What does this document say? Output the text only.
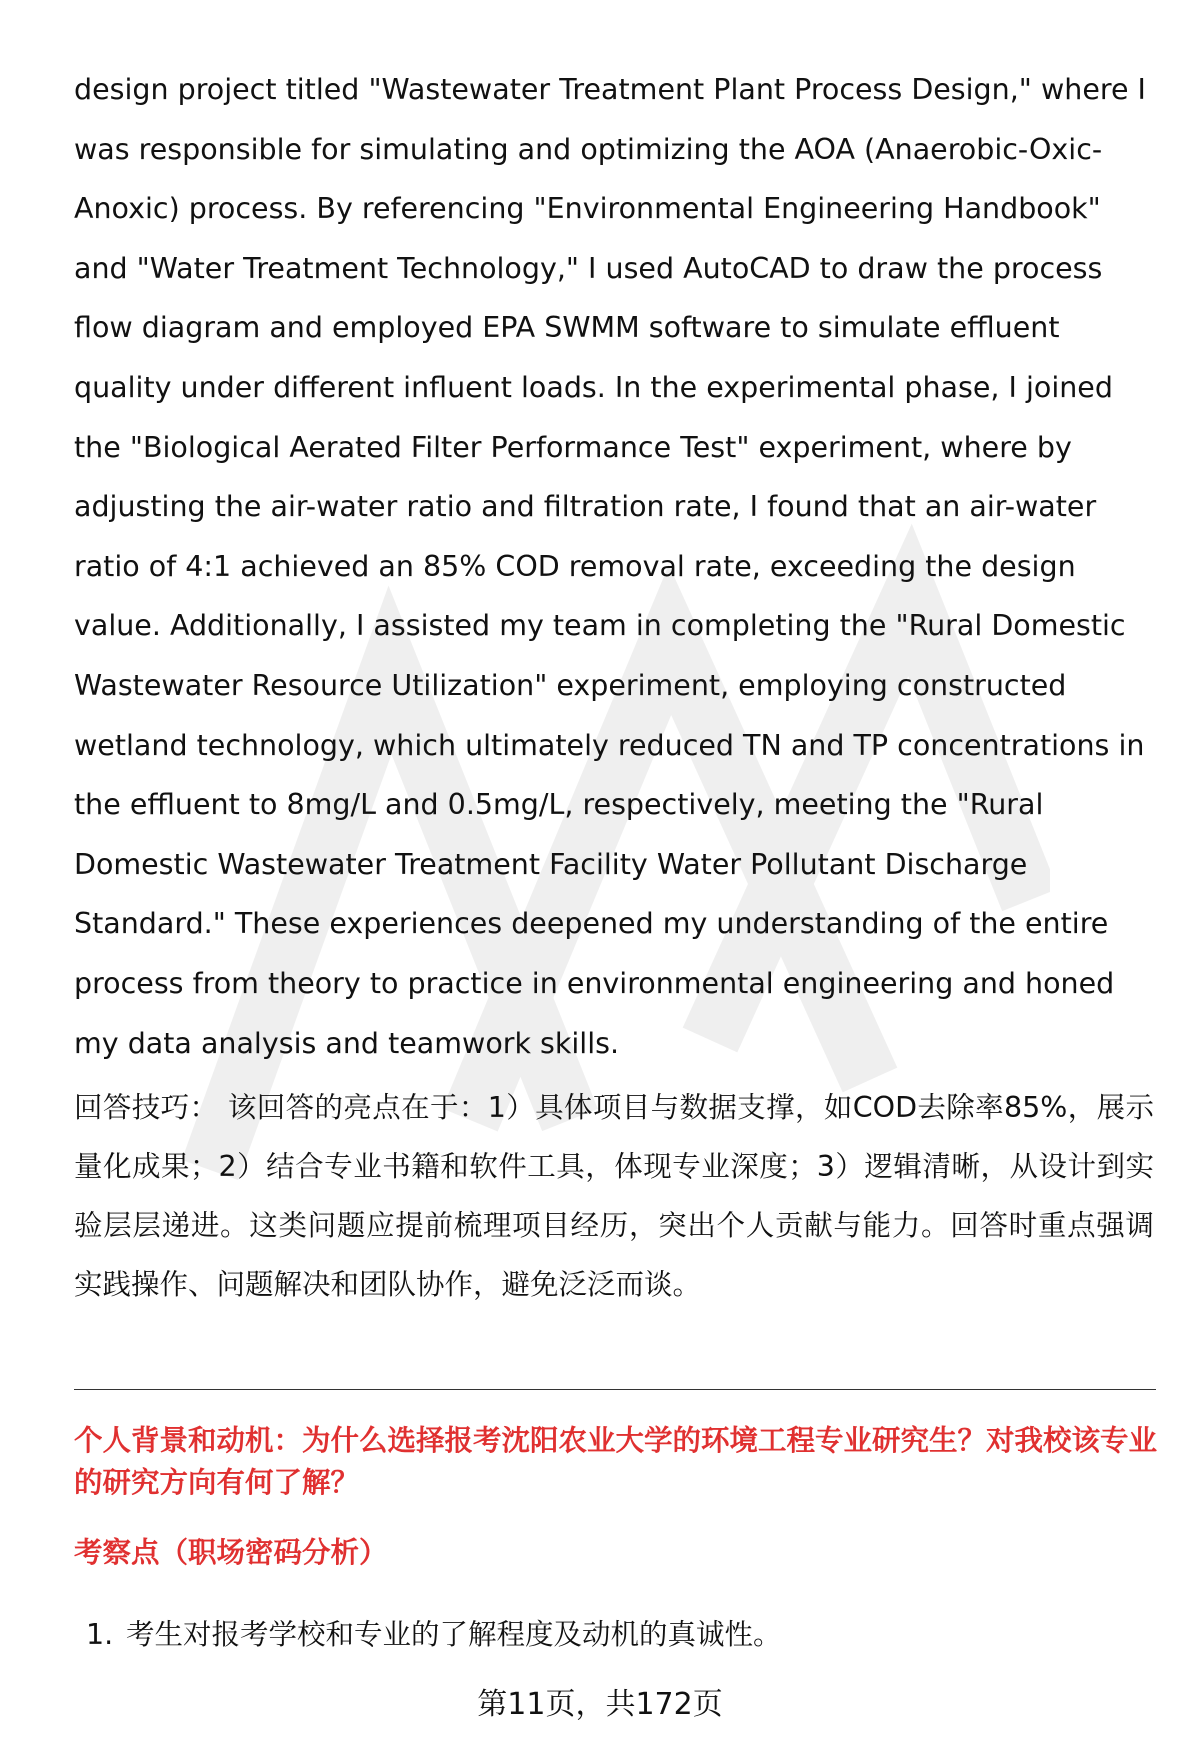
design project titled "Wastewater Treatment Plant Process Design," where I was responsible for simulating and optimizing the AOA (Anaerobic-Oxic-Anoxic) process. By referencing "Environmental Engineering Handbook" and "Water Treatment Technology," I used AutoCAD to draw the process flow diagram and employed EPA SWMM software to simulate effluent quality under different influent loads. In the experimental phase, I joined the "Biological Aerated Filter Performance Test" experiment, where by adjusting the air-water ratio and filtration rate, I found that an air-water ratio of 4:1 achieved an 85% COD removal rate, exceeding the design value. Additionally, I assisted my team in completing the "Rural Domestic Wastewater Resource Utilization" experiment, employing constructed wetland technology, which ultimately reduced TN and TP concentrations in the effluent to 8mg/L and 0.5mg/L, respectively, meeting the "Rural Domestic Wastewater Treatment Facility Water Pollutant Discharge Standard." These experiences deepened my understanding of the entire process from theory to practice in environmental engineering and honed my data analysis and teamwork skills.

回答技巧： 该回答的亮点在于：1）具体项目与数据支撑，如COD去除率85%，展示量化成果；2）结合专业书籍和软件工具，体现专业深度；3）逻辑清晰，从设计到实验层层递进。这类问题应提前梳理项目经历，突出个人贡献与能力。回答时重点强调实践操作、问题解决和团队协作，避免泛泛而谈。

个人背景和动机：为什么选择报考沈阳农业大学的环境工程专业研究生？对我校该专业的研究方向有何了解？

考察点（职场密码分析）

1. 考生对报考学校和专业的了解程度及动机的真诚性。
第11页，共172页
